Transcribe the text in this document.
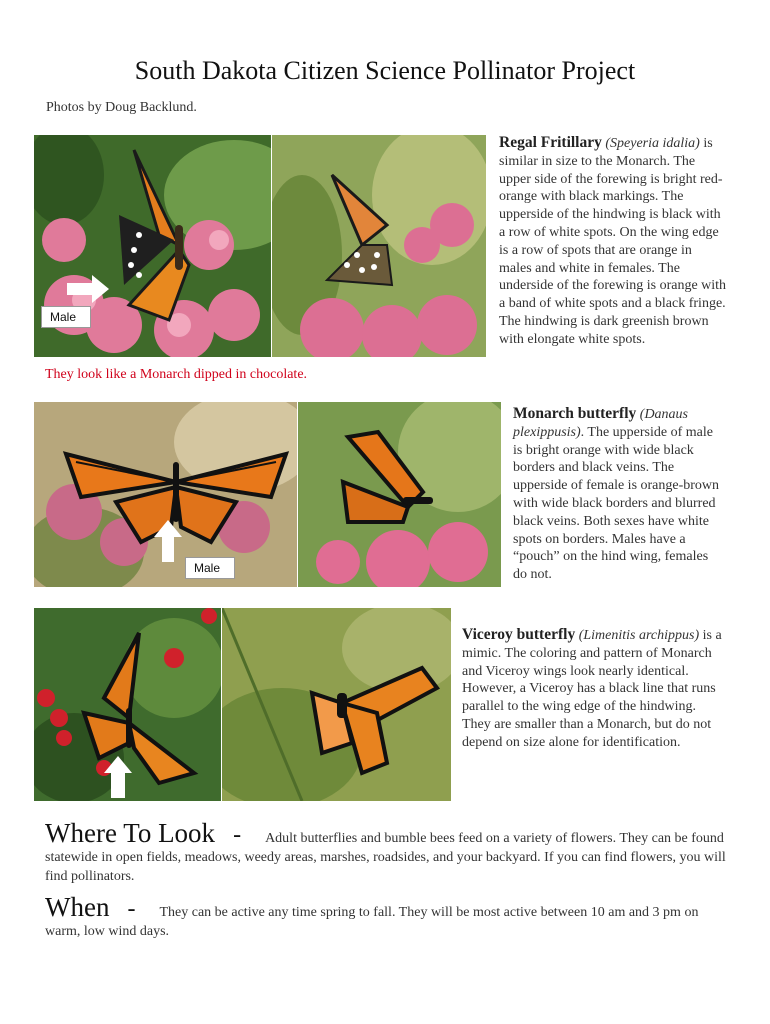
South Dakota Citizen Science Pollinator Project
Photos by Doug Backlund.
Male
They look like a Monarch dipped in chocolate.
Regal Fritillary (Speyeria idalia) is similar in size to the Monarch. The upper side of the forewing is bright red-orange with black markings. The upperside of the hindwing is black with a row of white spots. On the wing edge is a row of spots that are orange in males and white in females. The underside of the forewing is orange with a band of white spots and a black fringe. The hindwing is dark greenish brown with elongate white spots.
Male
Monarch butterfly (Danaus plexippusis). The upperside of male is bright orange with wide black borders and black veins. The upperside of female is orange-brown with wide black borders and blurred black veins. Both sexes have white spots on borders. Males have a “pouch” on the hind wing, females do not.
Viceroy butterfly (Limenitis archippus) is a mimic. The coloring and pattern of Monarch and Viceroy wings look nearly identical. However, a Viceroy has a black line that runs parallel to the wing edge of the hindwing. They are smaller than a Monarch, but do not depend on size alone for identification.
Where To Look - Adult butterflies and bumble bees feed on a variety of flowers. They can be found statewide in open fields, meadows, weedy areas, marshes, roadsides, and your backyard. If you can find flowers, you will find pollinators.
When - They can be active any time spring to fall. They will be most active between 10 am and 3 pm on warm, low wind days.
